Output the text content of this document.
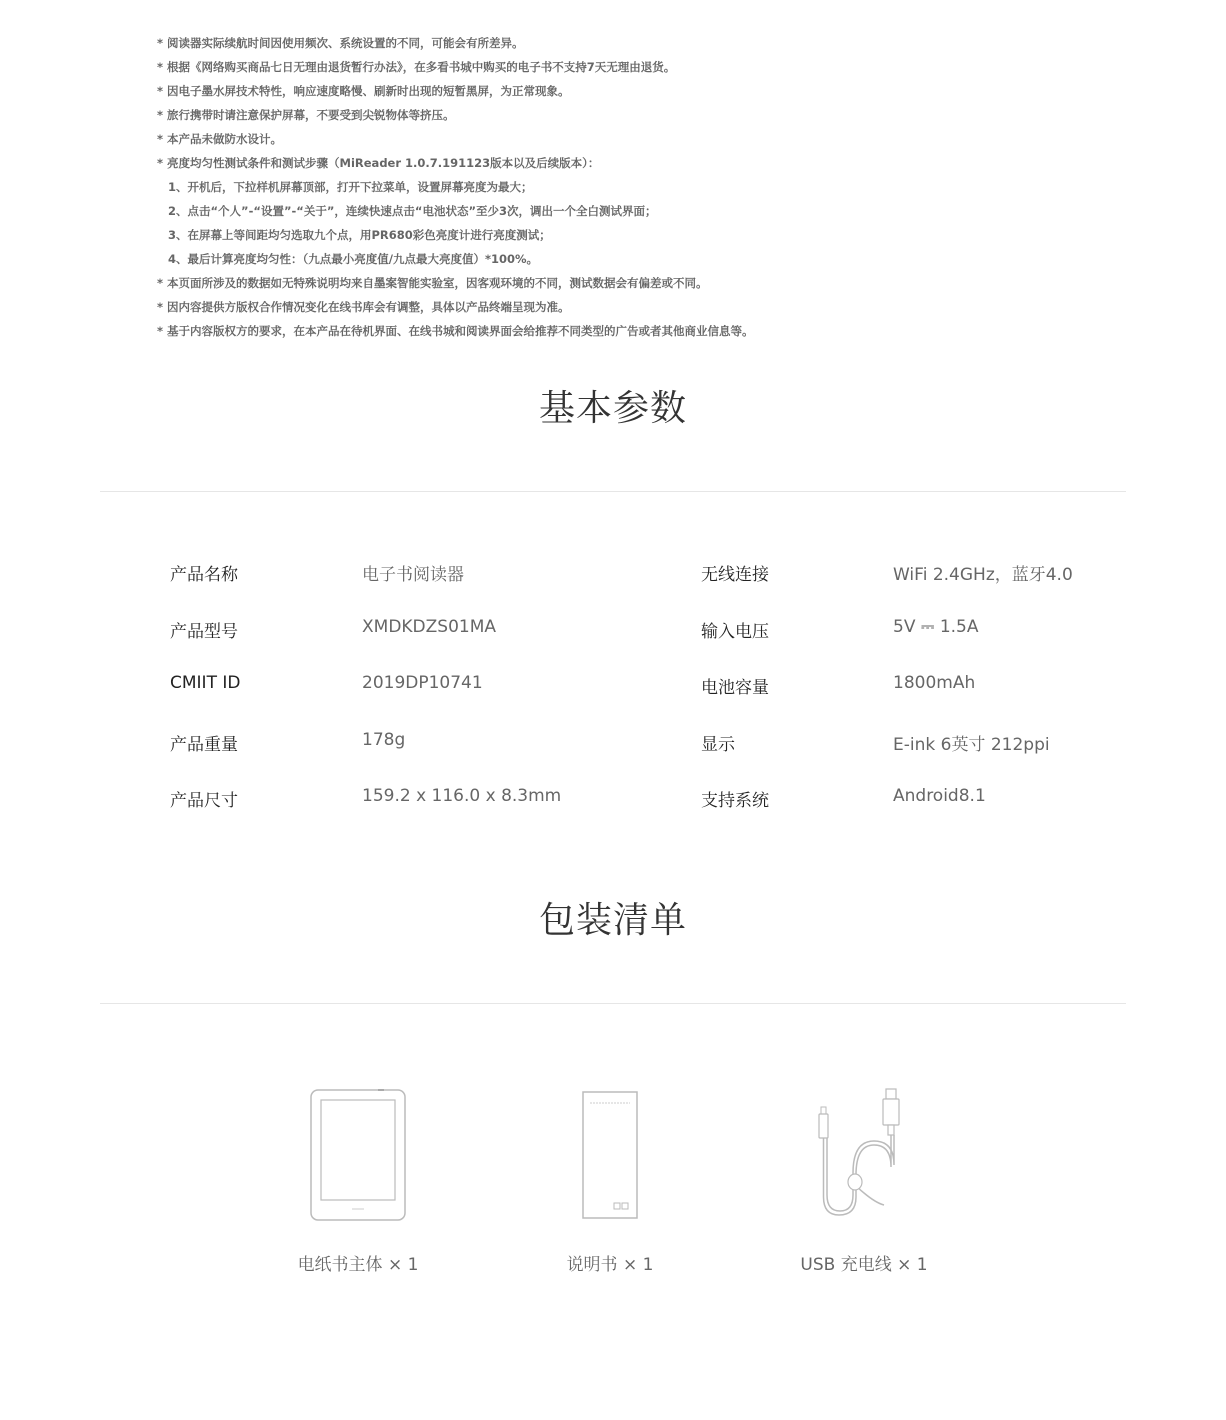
* 阅读器实际续航时间因使用频次、系统设置的不同，可能会有所差异。
* 根据《网络购买商品七日无理由退货暂行办法》，在多看书城中购买的电子书不支持7天无理由退货。
* 因电子墨水屏技术特性，响应速度略慢、刷新时出现的短暂黑屏，为正常现象。
* 旅行携带时请注意保护屏幕，不要受到尖锐物体等挤压。
* 本产品未做防水设计。
* 亮度均匀性测试条件和测试步骤（MiReader 1.0.7.191123版本以及后续版本）：
1、开机后，下拉样机屏幕顶部，打开下拉菜单，设置屏幕亮度为最大；
2、点击“个人”-“设置”-“关于”，连续快速点击“电池状态”至少3次，调出一个全白测试界面；
3、在屏幕上等间距均匀选取九个点，用PR680彩色亮度计进行亮度测试；
4、最后计算亮度均匀性：（九点最小亮度值/九点最大亮度值）*100%。
* 本页面所涉及的数据如无特殊说明均来自墨案智能实验室，因客观环境的不同，测试数据会有偏差或不同。
* 因内容提供方版权合作情况变化在线书库会有调整，具体以产品终端呈现为准。
* 基于内容版权方的要求，在本产品在待机界面、在线书城和阅读界面会给推荐不同类型的广告或者其他商业信息等。
基本参数
产品名称	电子书阅读器	无线连接	WiFi 2.4GHz，蓝牙4.0
产品型号	XMDKDZS01MA	输入电压	5V ⎓ 1.5A
CMIIT ID	2019DP10741	电池容量	1800mAh
产品重量	178g	显示	E-ink 6英寸 212ppi
产品尺寸	159.2 x 116.0 x 8.3mm	支持系统	Android8.1
包装清单
电纸书主体 × 1	说明书 × 1	USB 充电线 × 1
